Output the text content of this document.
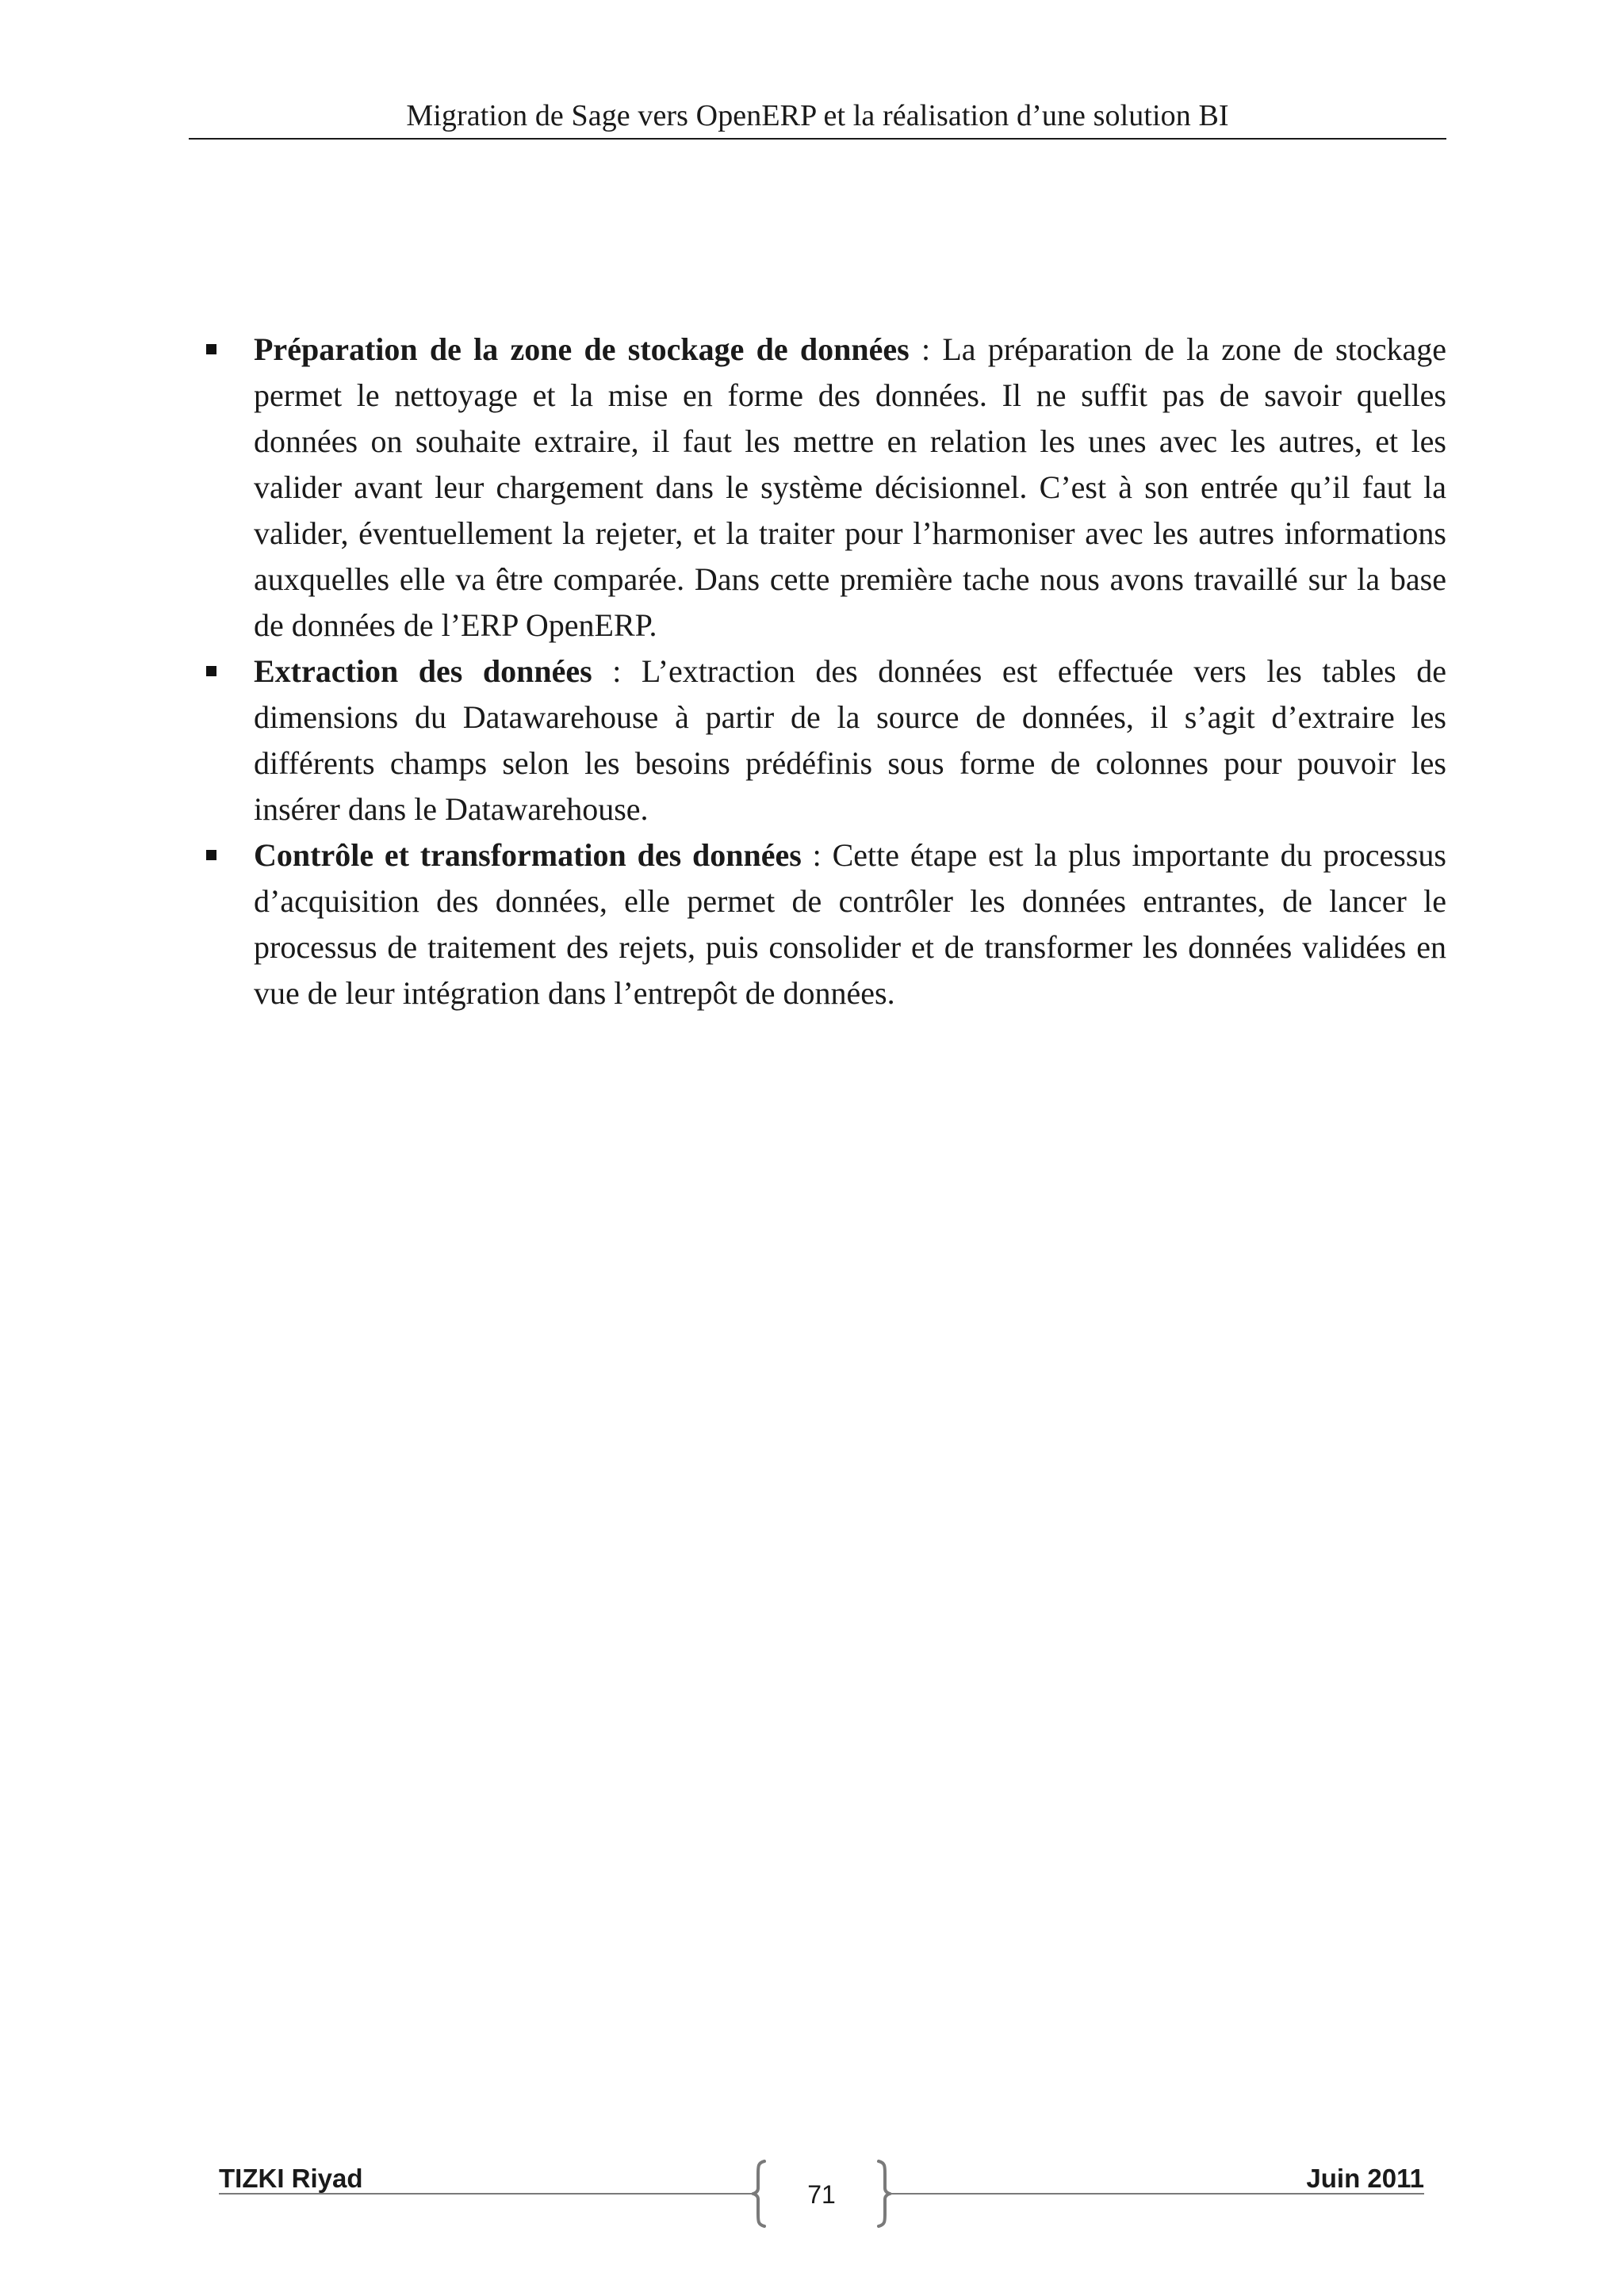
Migration de Sage vers OpenERP et la réalisation d’une solution BI
Préparation de la zone de stockage de données : La préparation de la zone de stockage permet le nettoyage et la mise en forme des données. Il ne suffit pas de savoir quelles données on souhaite extraire, il faut les mettre en relation les unes avec les autres, et les valider avant leur chargement dans le système décisionnel. C’est à son entrée qu’il faut la valider, éventuellement la rejeter, et la traiter pour l’harmoniser avec les autres informations auxquelles elle va être comparée. Dans cette première tache nous avons travaillé sur la base de données de l’ERP OpenERP.
Extraction des données : L’extraction des données est effectuée vers les tables de dimensions du Datawarehouse à partir de la source de données, il s’agit d’extraire les différents champs selon les besoins prédéfinis sous forme de colonnes pour pouvoir les insérer dans le Datawarehouse.
Contrôle et transformation des données : Cette étape est la plus importante du processus d’acquisition des données, elle permet de contrôler les données entrantes, de lancer le processus de traitement des rejets, puis consolider et de transformer les données validées en vue de leur intégration dans l’entrepôt de données.
TIZKI Riyad
71
Juin 2011
